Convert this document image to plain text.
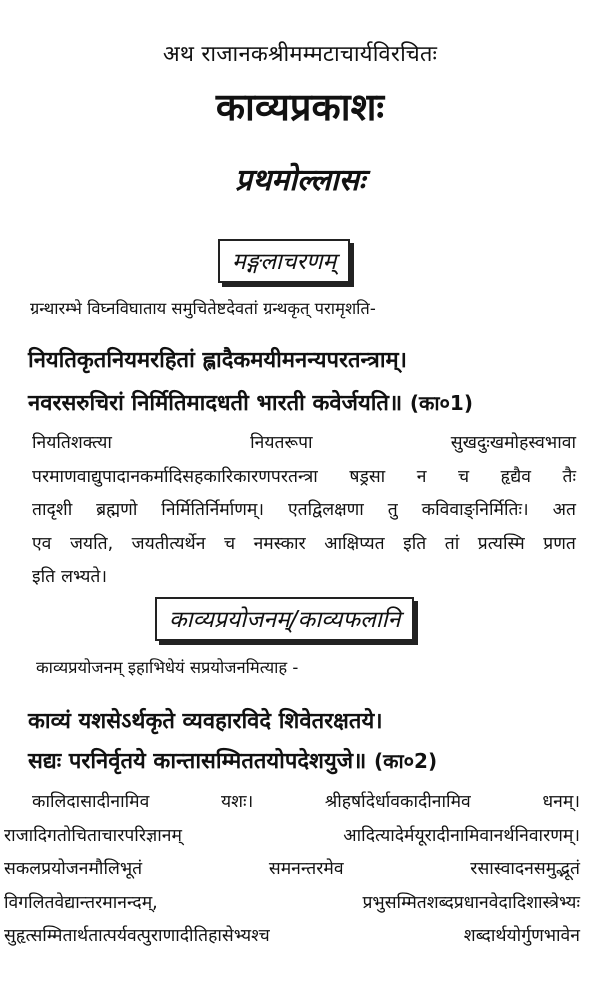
अथ राजानकश्रीमम्मटाचार्यविरचितः
काव्यप्रकाशः
प्रथमोल्लासः
मङ्गलाचरणम्
ग्रन्थारम्भे विघ्नविघाताय समुचितेष्टदेवतां ग्रन्थकृत् परामृशति-
नियतिकृतनियमरहितां ह्लादैकमयीमनन्यपरतन्त्राम्।
नवरसरुचिरां निर्मितिमादधती भारती कवेर्जयति॥ (का०1)
नियतिशक्त्या	नियतरूपा	सुखदुःखमोहस्वभावा
परमाणवाद्युपादानकर्मादिसहकारिकारणपरतन्त्रा षड्रसा न च हृद्यैव तैः
तादृशी ब्रह्मणो निर्मितिर्निर्माणम्। एतद्विलक्षणा तु कविवाङ्निर्मितिः। अत
एव जयति, जयतीत्यर्थेन च नमस्कार आक्षिप्यत इति तां प्रत्यस्मि प्रणत
इति लभ्यते।
काव्यप्रयोजनम्/काव्यफलानि
काव्यप्रयोजनम् इहाभिधेयं सप्रयोजनमित्याह -
काव्यं यशसेऽर्थकृते व्यवहारविदे शिवेतरक्षतये।
सद्यः परनिर्वृतये कान्तासम्मिततयोपदेशयुजे॥ (का०2)
कालिदासादीनामिव	यशः।	श्रीहर्षादेर्धावकादीनामिव	धनम्।
राजादिगतोचिताचारपरिज्ञानम्	आदित्यादेर्मयूरादीनामिवानर्थनिवारणम्।
सकलप्रयोजनमौलिभूतं	समनन्तरमेव	रसास्वादनसमुद्भूतं
विगलितवेद्यान्तरमानन्दम्,	प्रभुसम्मितशब्दप्रधानवेदादिशास्त्रेभ्यः
सुहृत्सम्मितार्थतात्पर्यवत्पुराणादीतिहासेभ्यश्च	शब्दार्थयोर्गुणभावेन
